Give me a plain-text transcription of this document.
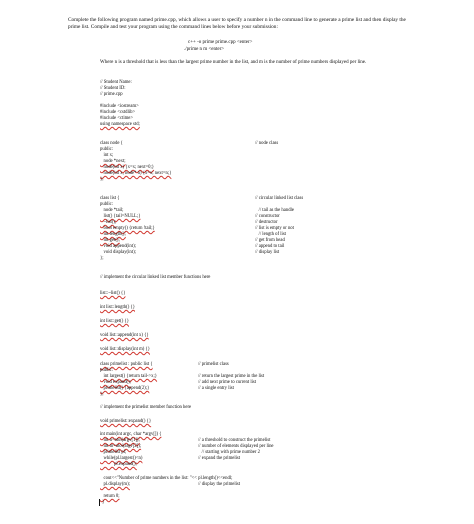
Complete the following program named prime.cpp, which allows a user to specify a number n in the command line to generate a prime list and then display the prime list. Compile and test your program using the command lines below before your submission:

c++ -o prime prime.cpp <enter>

./prime n m <enter>

Where n is a threshold that is less than the largest prime number in the list, and m is the number of prime numbers displayed per line.

// Student Name:

// Student ID:

// prime.cpp

#include <iostream>

#include <cstdlib>

#include <ctime>

using namespace std;

class node {	// node class

public:

int x;

node *next;

node(int x) {x=x; next=0;}

node(int x, node* n) {x=x; next=n;}

};

class list {	// circular linked list class

public:

node *tail;	// tail as the handle

list() {tail=NULL;}	// constructor

~list();	// destructor

bool empty() {return !tail;}	// list is empty or not

int length();	// length of list

int get();	// get from head

void append(int);	// append to tail

void display(int);	// display list

};

// implement the circular linked list member functions here

list::~list() {}

int list::length() {}

int list::get() {}

void list::append(int x) {}

void list::display(int m) {}

class primelist : public list {	// primelist class

public:

int largest() {return tail->x;}	// return the largest prime in the list

void expand();	// add next prime to current list

primelist() {append(2);}	// a single entry list

};

// implement the primelist member function here

void primelist::expand() {}

int main(int argc, char *argv[]) {

int n=atoi(argv[1]);	// a threshold to construct the primelist

int m=atoi(argv[2]);	// number of elements displayed per line

primelist pl;	// starting with prime number 2

while(pl.largest()<n)	// expand the primelist

pl.expand();

cout<<"Number of prime numbers in the list: "<< pl.length()<<endl;

pl.display(m);	// display the primelist

return 0;

}
